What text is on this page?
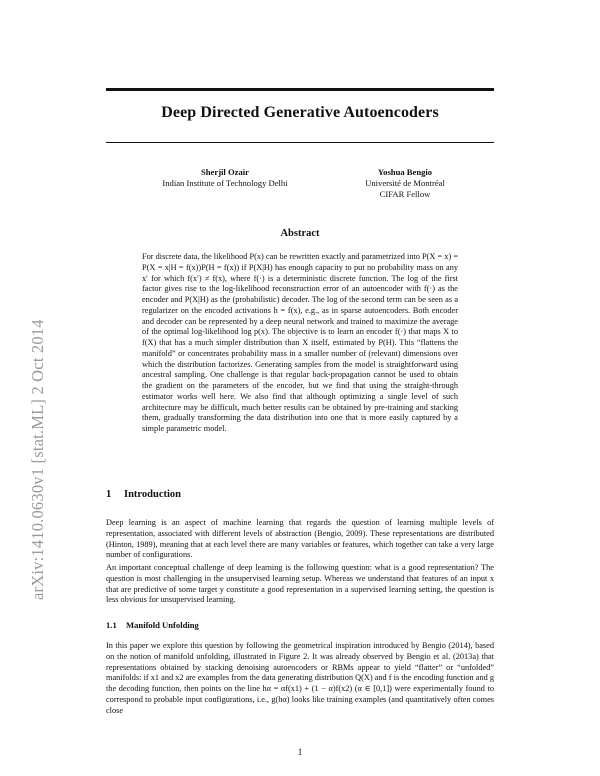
arXiv:1410.0630v1 [stat.ML] 2 Oct 2014
Deep Directed Generative Autoencoders
Sherjil Ozair
Indian Institute of Technology Delhi
Yoshua Bengio
Université de Montréal
CIFAR Fellow
Abstract
For discrete data, the likelihood P(x) can be rewritten exactly and parametrized into P(X = x) = P(X = x|H = f(x))P(H = f(x)) if P(X|H) has enough capacity to put no probability mass on any x′ for which f(x′) ≠ f(x), where f(·) is a deterministic discrete function. The log of the first factor gives rise to the log-likelihood reconstruction error of an autoencoder with f(·) as the encoder and P(X|H) as the (probabilistic) decoder. The log of the second term can be seen as a regularizer on the encoded activations h = f(x), e.g., as in sparse autoencoders. Both encoder and decoder can be represented by a deep neural network and trained to maximize the average of the optimal log-likelihood log p(x). The objective is to learn an encoder f(·) that maps X to f(X) that has a much simpler distribution than X itself, estimated by P(H). This “flattens the manifold” or concentrates probability mass in a smaller number of (relevant) dimensions over which the distribution factorizes. Generating samples from the model is straightforward using ancestral sampling. One challenge is that regular back-propagation cannot be used to obtain the gradient on the parameters of the encoder, but we find that using the straight-through estimator works well here. We also find that although optimizing a single level of such architecture may be difficult, much better results can be obtained by pre-training and stacking them, gradually transforming the data distribution into one that is more easily captured by a simple parametric model.
1 Introduction
Deep learning is an aspect of machine learning that regards the question of learning multiple levels of representation, associated with different levels of abstraction (Bengio, 2009). These representations are distributed (Hinton, 1989), meaning that at each level there are many variables or features, which together can take a very large number of configurations.
An important conceptual challenge of deep learning is the following question: what is a good representation? The question is most challenging in the unsupervised learning setup. Whereas we understand that features of an input x that are predictive of some target y constitute a good representation in a supervised learning setting, the question is less obvious for unsupervised learning.
1.1 Manifold Unfolding
In this paper we explore this question by following the geometrical inspiration introduced by Bengio (2014), based on the notion of manifold unfolding, illustrated in Figure 2. It was already observed by Bengio et al. (2013a) that representations obtained by stacking denoising autoencoders or RBMs appear to yield “flatter” or “unfolded” manifolds: if x1 and x2 are examples from the data generating distribution Q(X) and f is the encoding function and g the decoding function, then points on the line hα = αf(x1) + (1 − α)f(x2) (α ∈ [0,1]) were experimentally found to correspond to probable input configurations, i.e., g(hα) looks like training examples (and quantitatively often comes close
1
